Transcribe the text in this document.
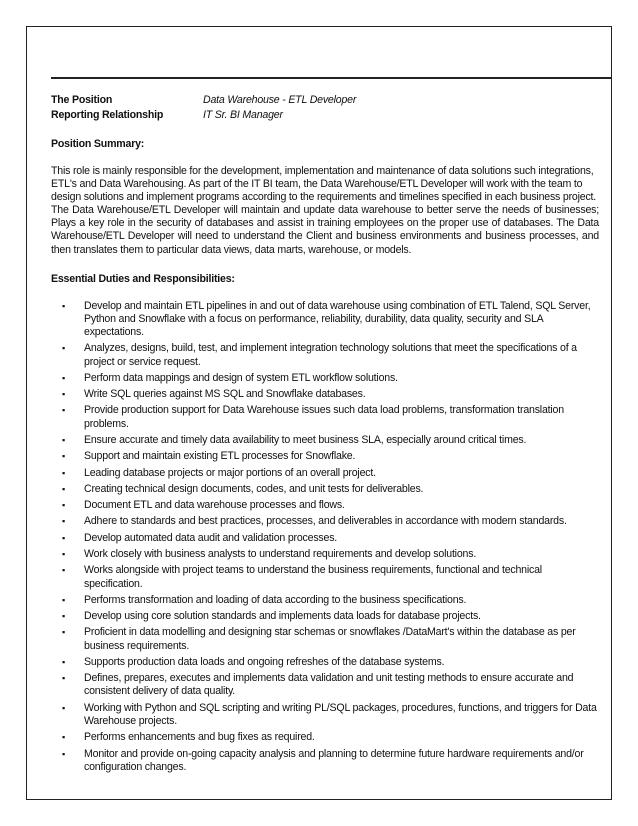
The Position	Data Warehouse - ETL Developer
Reporting Relationship	IT Sr. BI Manager
Position Summary:

This role is mainly responsible for the development, implementation and maintenance of data solutions such integrations, ETL's and Data Warehousing. As part of the IT BI team, the Data Warehouse/ETL Developer will work with the team to design solutions and implement programs according to the requirements and timelines specified in each business project.

The Data Warehouse/ETL Developer will maintain and update data warehouse to better serve the needs of businesses; Plays a key role in the security of databases and assist in training employees on the proper use of databases. The Data Warehouse/ETL Developer will need to understand the Client and business environments and business processes, and then translates them to particular data views, data marts, warehouse, or models.

Essential Duties and Responsibilities:
▪ Develop and maintain ETL pipelines in and out of data warehouse using combination of ETL Talend, SQL Server, Python and Snowflake with a focus on performance, reliability, durability, data quality, security and SLA expectations.
▪ Analyzes, designs, build, test, and implement integration technology solutions that meet the specifications of a project or service request.
▪ Perform data mappings and design of system ETL workflow solutions.
▪ Write SQL queries against MS SQL and Snowflake databases.
▪ Provide production support for Data Warehouse issues such data load problems, transformation translation problems.
▪ Ensure accurate and timely data availability to meet business SLA, especially around critical times.
▪ Support and maintain existing ETL processes for Snowflake.
▪ Leading database projects or major portions of an overall project.
▪ Creating technical design documents, codes, and unit tests for deliverables.
▪ Document ETL and data warehouse processes and flows.
▪ Adhere to standards and best practices, processes, and deliverables in accordance with modern standards.
▪ Develop automated data audit and validation processes.
▪ Work closely with business analysts to understand requirements and develop solutions.
▪ Works alongside with project teams to understand the business requirements, functional and technical specification.
▪ Performs transformation and loading of data according to the business specifications.
▪ Develop using core solution standards and implements data loads for database projects.
▪ Proficient in data modelling and designing star schemas or snowflakes /DataMart's within the database as per business requirements.
▪ Supports production data loads and ongoing refreshes of the database systems.
▪ Defines, prepares, executes and implements data validation and unit testing methods to ensure accurate and consistent delivery of data quality.
▪ Working with Python and SQL scripting and writing PL/SQL packages, procedures, functions, and triggers for Data Warehouse projects.
▪ Performs enhancements and bug fixes as required.
▪ Monitor and provide on-going capacity analysis and planning to determine future hardware requirements and/or configuration changes.
